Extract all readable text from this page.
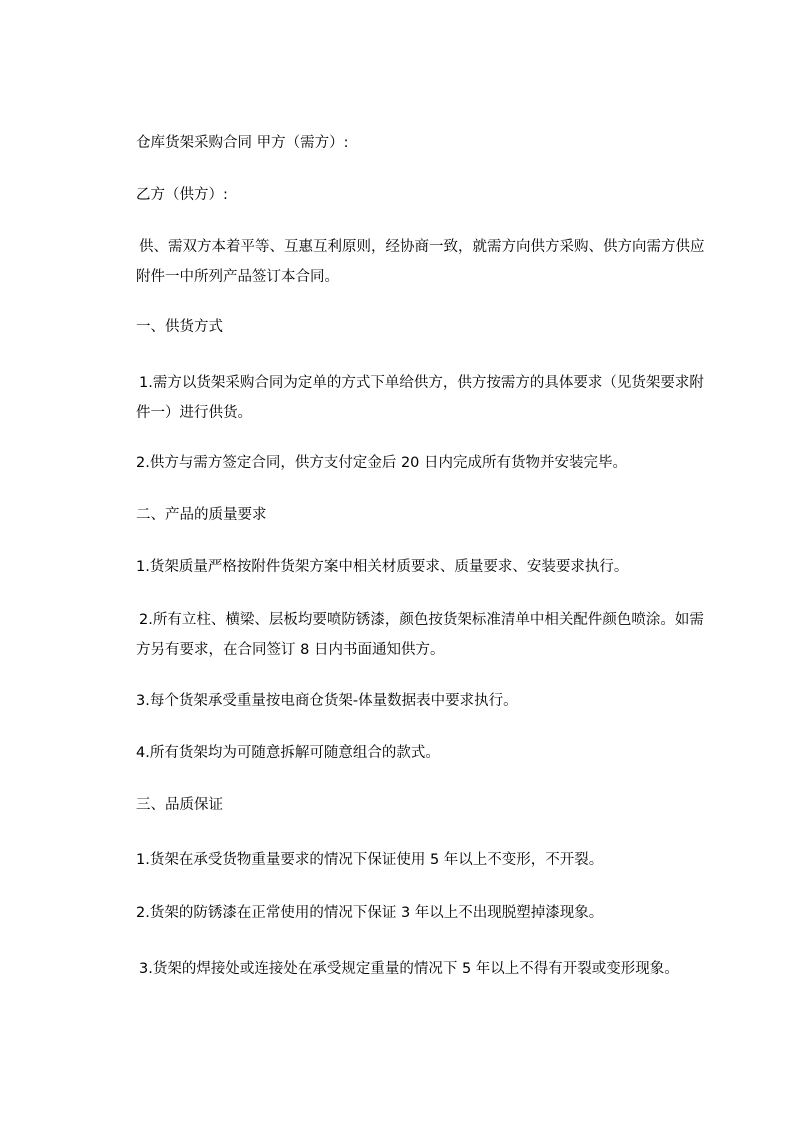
仓库货架采购合同 甲方（需方）:
乙方（供方）:
供、需双方本着平等、互惠互利原则，经协商一致，就需方向供方采购、供方向需方供应附件一中所列产品签订本合同。
一、供货方式
1.需方以货架采购合同为定单的方式下单给供方，供方按需方的具体要求（见货架要求附件一）进行供货。
2.供方与需方签定合同，供方支付定金后 20 日内完成所有货物并安装完毕。
二、产品的质量要求
1.货架质量严格按附件货架方案中相关材质要求、质量要求、安装要求执行。
2.所有立柱、横梁、层板均要喷防锈漆，颜色按货架标准清单中相关配件颜色喷涂。如需方另有要求，在合同签订 8 日内书面通知供方。
3.每个货架承受重量按电商仓货架-体量数据表中要求执行。
4.所有货架均为可随意拆解可随意组合的款式。
三、品质保证
1.货架在承受货物重量要求的情况下保证使用 5 年以上不变形，不开裂。
2.货架的防锈漆在正常使用的情况下保证 3 年以上不出现脱塑掉漆现象。
3.货架的焊接处或连接处在承受规定重量的情况下 5 年以上不得有开裂或变形现象。
